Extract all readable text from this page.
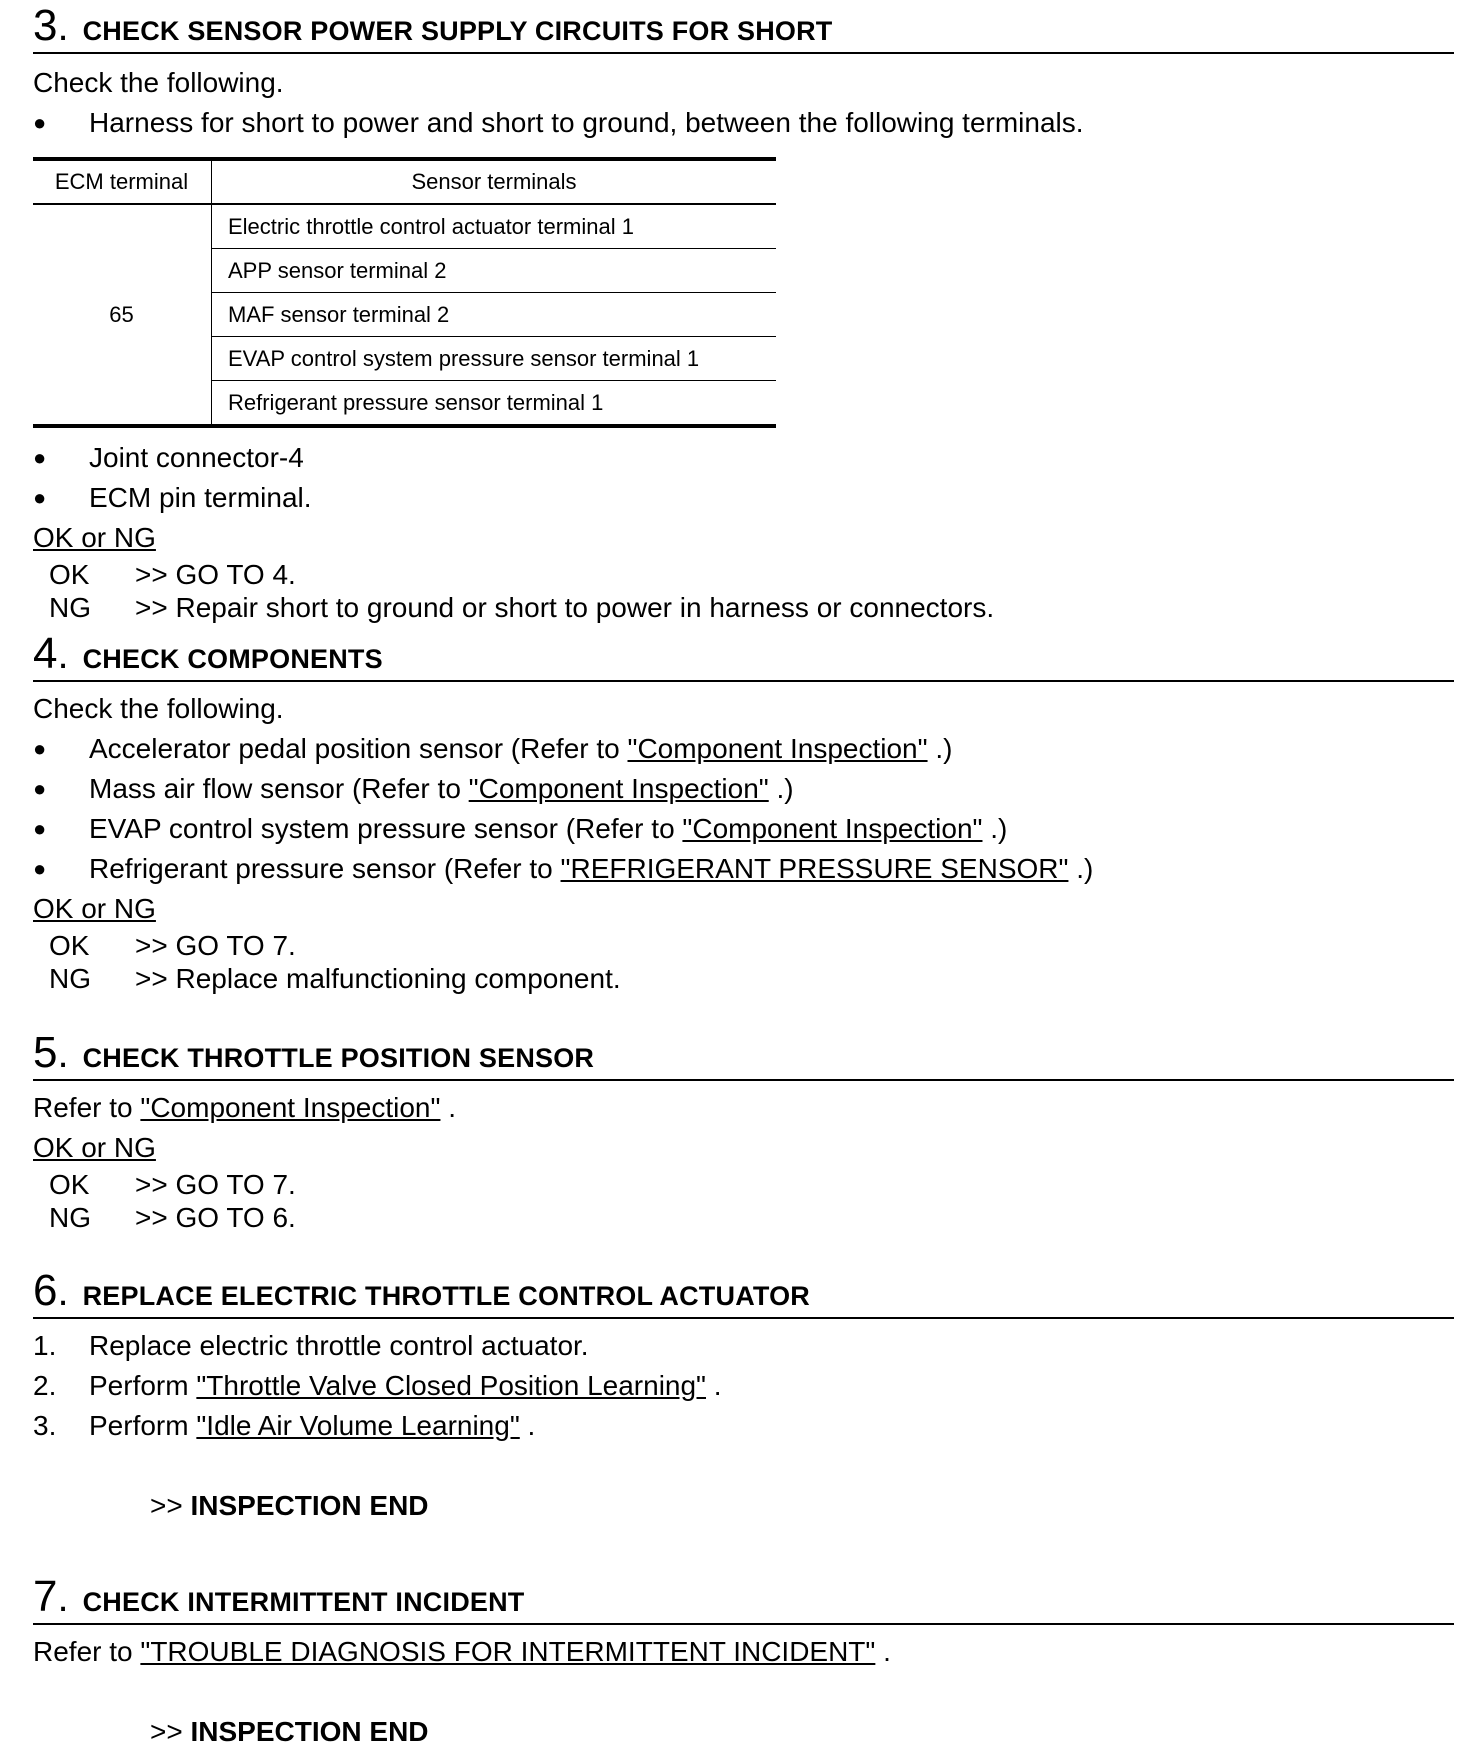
3 . CHECK SENSOR POWER SUPPLY CIRCUITS FOR SHORT
Check the following.
●	Harness for short to power and short to ground, between the following terminals.
ECM terminal	Sensor terminals
65	Electric throttle control actuator terminal 1
	APP sensor terminal 2
	MAF sensor terminal 2
	EVAP control system pressure sensor terminal 1
	Refrigerant pressure sensor terminal 1
●	Joint connector-4
●	ECM pin terminal.
OK or NG
OK	>> GO TO 4.
NG	>> Repair short to ground or short to power in harness or connectors.
4 . CHECK COMPONENTS
Check the following.
●	Accelerator pedal position sensor (Refer to "Component Inspection" .)
●	Mass air flow sensor (Refer to "Component Inspection" .)
●	EVAP control system pressure sensor (Refer to "Component Inspection" .)
●	Refrigerant pressure sensor (Refer to "REFRIGERANT PRESSURE SENSOR" .)
OK or NG
OK	>> GO TO 7.
NG	>> Replace malfunctioning component.
5 . CHECK THROTTLE POSITION SENSOR
Refer to "Component Inspection" .
OK or NG
OK	>> GO TO 7.
NG	>> GO TO 6.
6 . REPLACE ELECTRIC THROTTLE CONTROL ACTUATOR
1.	Replace electric throttle control actuator.
2.	Perform "Throttle Valve Closed Position Learning" .
3.	Perform "Idle Air Volume Learning" .
>> INSPECTION END
7 . CHECK INTERMITTENT INCIDENT
Refer to "TROUBLE DIAGNOSIS FOR INTERMITTENT INCIDENT" .
>> INSPECTION END
